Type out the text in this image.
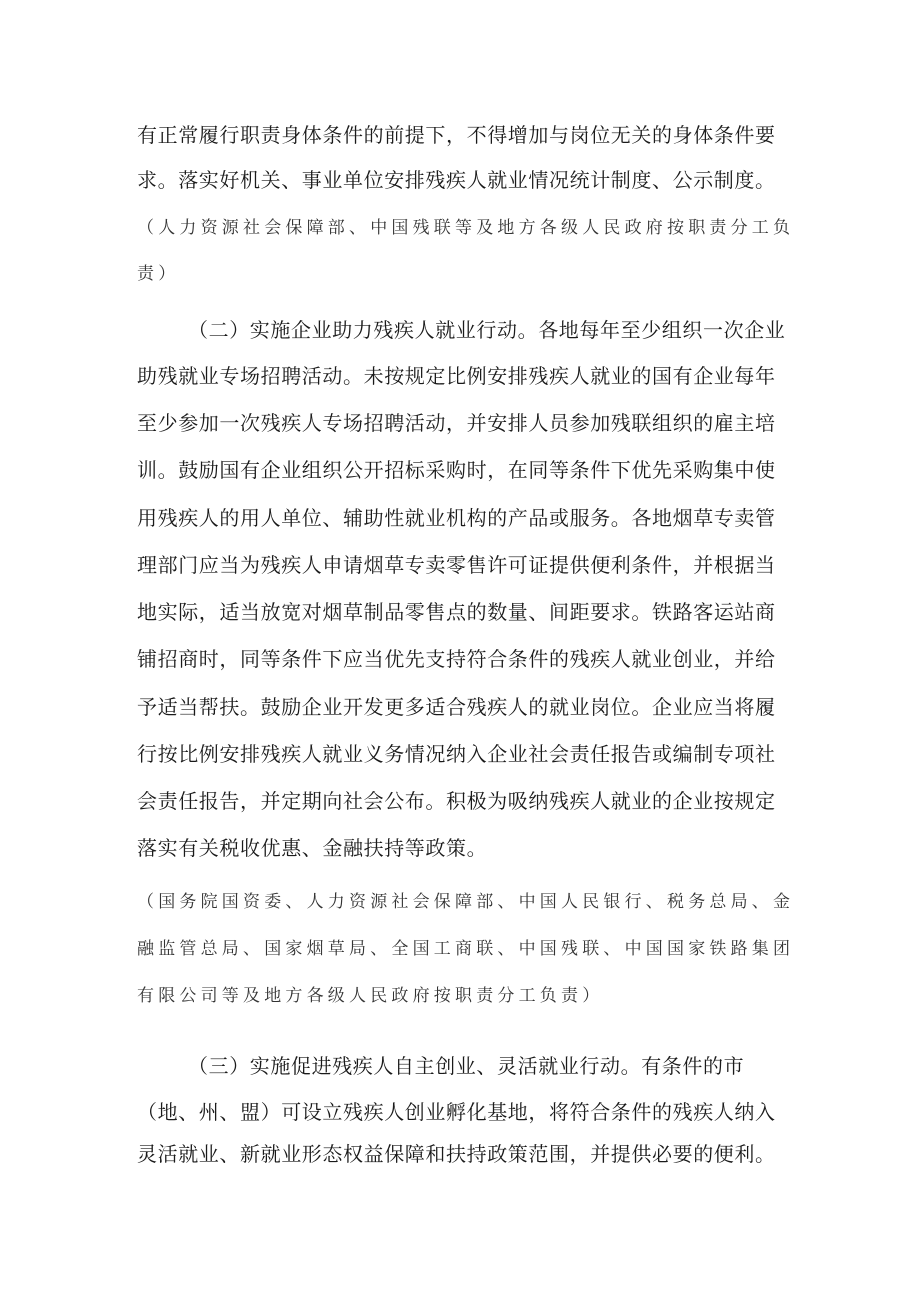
有正常履行职责身体条件的前提下，不得增加与岗位无关的身体条件要
求。落实好机关、事业单位安排残疾人就业情况统计制度、公示制度。
（人力资源社会保障部、中国残联等及地方各级人民政府按职责分工负
责）
（二）实施企业助力残疾人就业行动。各地每年至少组织一次企业
助残就业专场招聘活动。未按规定比例安排残疾人就业的国有企业每年
至少参加一次残疾人专场招聘活动，并安排人员参加残联组织的雇主培
训。鼓励国有企业组织公开招标采购时，在同等条件下优先采购集中使
用残疾人的用人单位、辅助性就业机构的产品或服务。各地烟草专卖管
理部门应当为残疾人申请烟草专卖零售许可证提供便利条件，并根据当
地实际，适当放宽对烟草制品零售点的数量、间距要求。铁路客运站商
铺招商时，同等条件下应当优先支持符合条件的残疾人就业创业，并给
予适当帮扶。鼓励企业开发更多适合残疾人的就业岗位。企业应当将履
行按比例安排残疾人就业义务情况纳入企业社会责任报告或编制专项社
会责任报告，并定期向社会公布。积极为吸纳残疾人就业的企业按规定
落实有关税收优惠、金融扶持等政策。
（国务院国资委、人力资源社会保障部、中国人民银行、税务总局、金
融监管总局、国家烟草局、全国工商联、中国残联、中国国家铁路集团
有限公司等及地方各级人民政府按职责分工负责）
（三）实施促进残疾人自主创业、灵活就业行动。有条件的市
（地、州、盟）可设立残疾人创业孵化基地，将符合条件的残疾人纳入
灵活就业、新就业形态权益保障和扶持政策范围，并提供必要的便利。
